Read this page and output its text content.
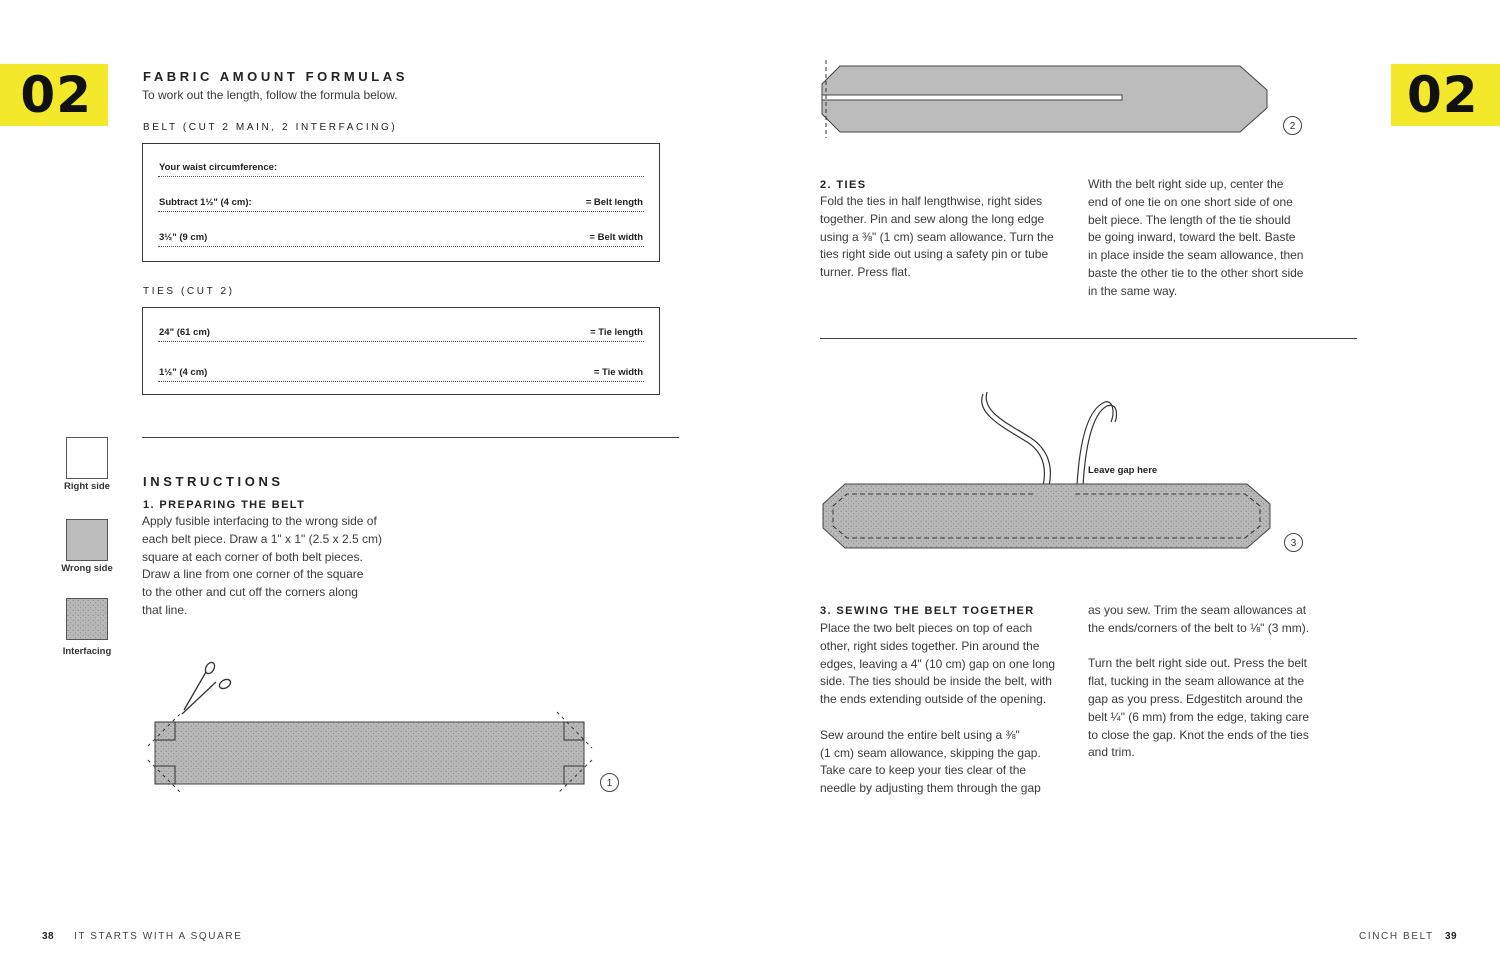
02	02
FABRIC AMOUNT FORMULAS
To work out the length, follow the formula below.
BELT (CUT 2 MAIN, 2 INTERFACING)
Your waist circumference:
Subtract 1½" (4 cm):	= Belt length
3½" (9 cm)	= Belt width
TIES (CUT 2)
24" (61 cm)	= Tie length
1½" (4 cm)	= Tie width
Right side
Wrong side
Interfacing
INSTRUCTIONS
1. PREPARING THE BELT
Apply fusible interfacing to the wrong side of
each belt piece. Draw a 1" x 1" (2.5 x 2.5 cm)
square at each corner of both belt pieces.
Draw a line from one corner of the square
to the other and cut off the corners along
that line.
1
2
2. TIES
Fold the ties in half lengthwise, right sides
together. Pin and sew along the long edge
using a ⅜" (1 cm) seam allowance. Turn the
ties right side out using a safety pin or tube
turner. Press flat.
With the belt right side up, center the
end of one tie on one short side of one
belt piece. The length of the tie should
be going inward, toward the belt. Baste
in place inside the seam allowance, then
baste the other tie to the other short side
in the same way.
Leave gap here
3
3. SEWING THE BELT TOGETHER
Place the two belt pieces on top of each
other, right sides together. Pin around the
edges, leaving a 4" (10 cm) gap on one long
side. The ties should be inside the belt, with
the ends extending outside of the opening.
Sew around the entire belt using a ⅜"
(1 cm) seam allowance, skipping the gap.
Take care to keep your ties clear of the
needle by adjusting them through the gap
as you sew. Trim the seam allowances at
the ends/corners of the belt to ⅛" (3 mm).
Turn the belt right side out. Press the belt
flat, tucking in the seam allowance at the
gap as you press. Edgestitch around the
belt ¼" (6 mm) from the edge, taking care
to close the gap. Knot the ends of the ties
and trim.
38 IT STARTS WITH A SQUARE	CINCH BELT 39
